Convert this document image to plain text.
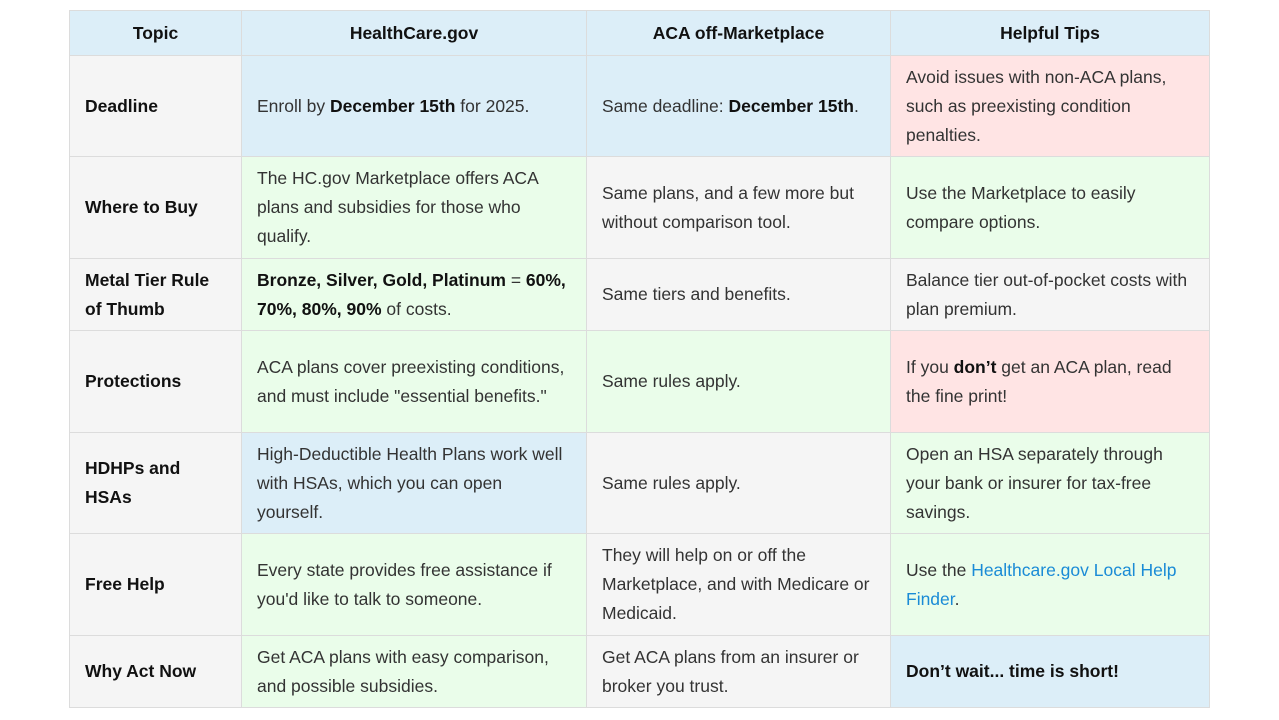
Topic	HealthCare.gov	ACA off-Marketplace	Helpful Tips
Deadline	Enroll by December 15th for 2025.	Same deadline: December 15th.	Avoid issues with non-ACA plans, such as preexisting condition penalties.
Where to Buy	The HC.gov Marketplace offers ACA plans and subsidies for those who qualify.	Same plans, and a few more but without comparison tool.	Use the Marketplace to easily compare options.
Metal Tier Rule of Thumb	Bronze, Silver, Gold, Platinum = 60%, 70%, 80%, 90% of costs.	Same tiers and benefits.	Balance tier out-of-pocket costs with plan premium.
Protections	ACA plans cover preexisting conditions, and must include "essential benefits."	Same rules apply.	If you don’t get an ACA plan, read the fine print!
HDHPs and HSAs	High-Deductible Health Plans work well with HSAs, which you can open yourself.	Same rules apply.	Open an HSA separately through your bank or insurer for tax-free savings.
Free Help	Every state provides free assistance if you'd like to talk to someone.	They will help on or off the Marketplace, and with Medicare or Medicaid.	Use the Healthcare.gov Local Help Finder.
Why Act Now	Get ACA plans with easy comparison, and possible subsidies.	Get ACA plans from an insurer or broker you trust.	Don’t wait... time is short!
